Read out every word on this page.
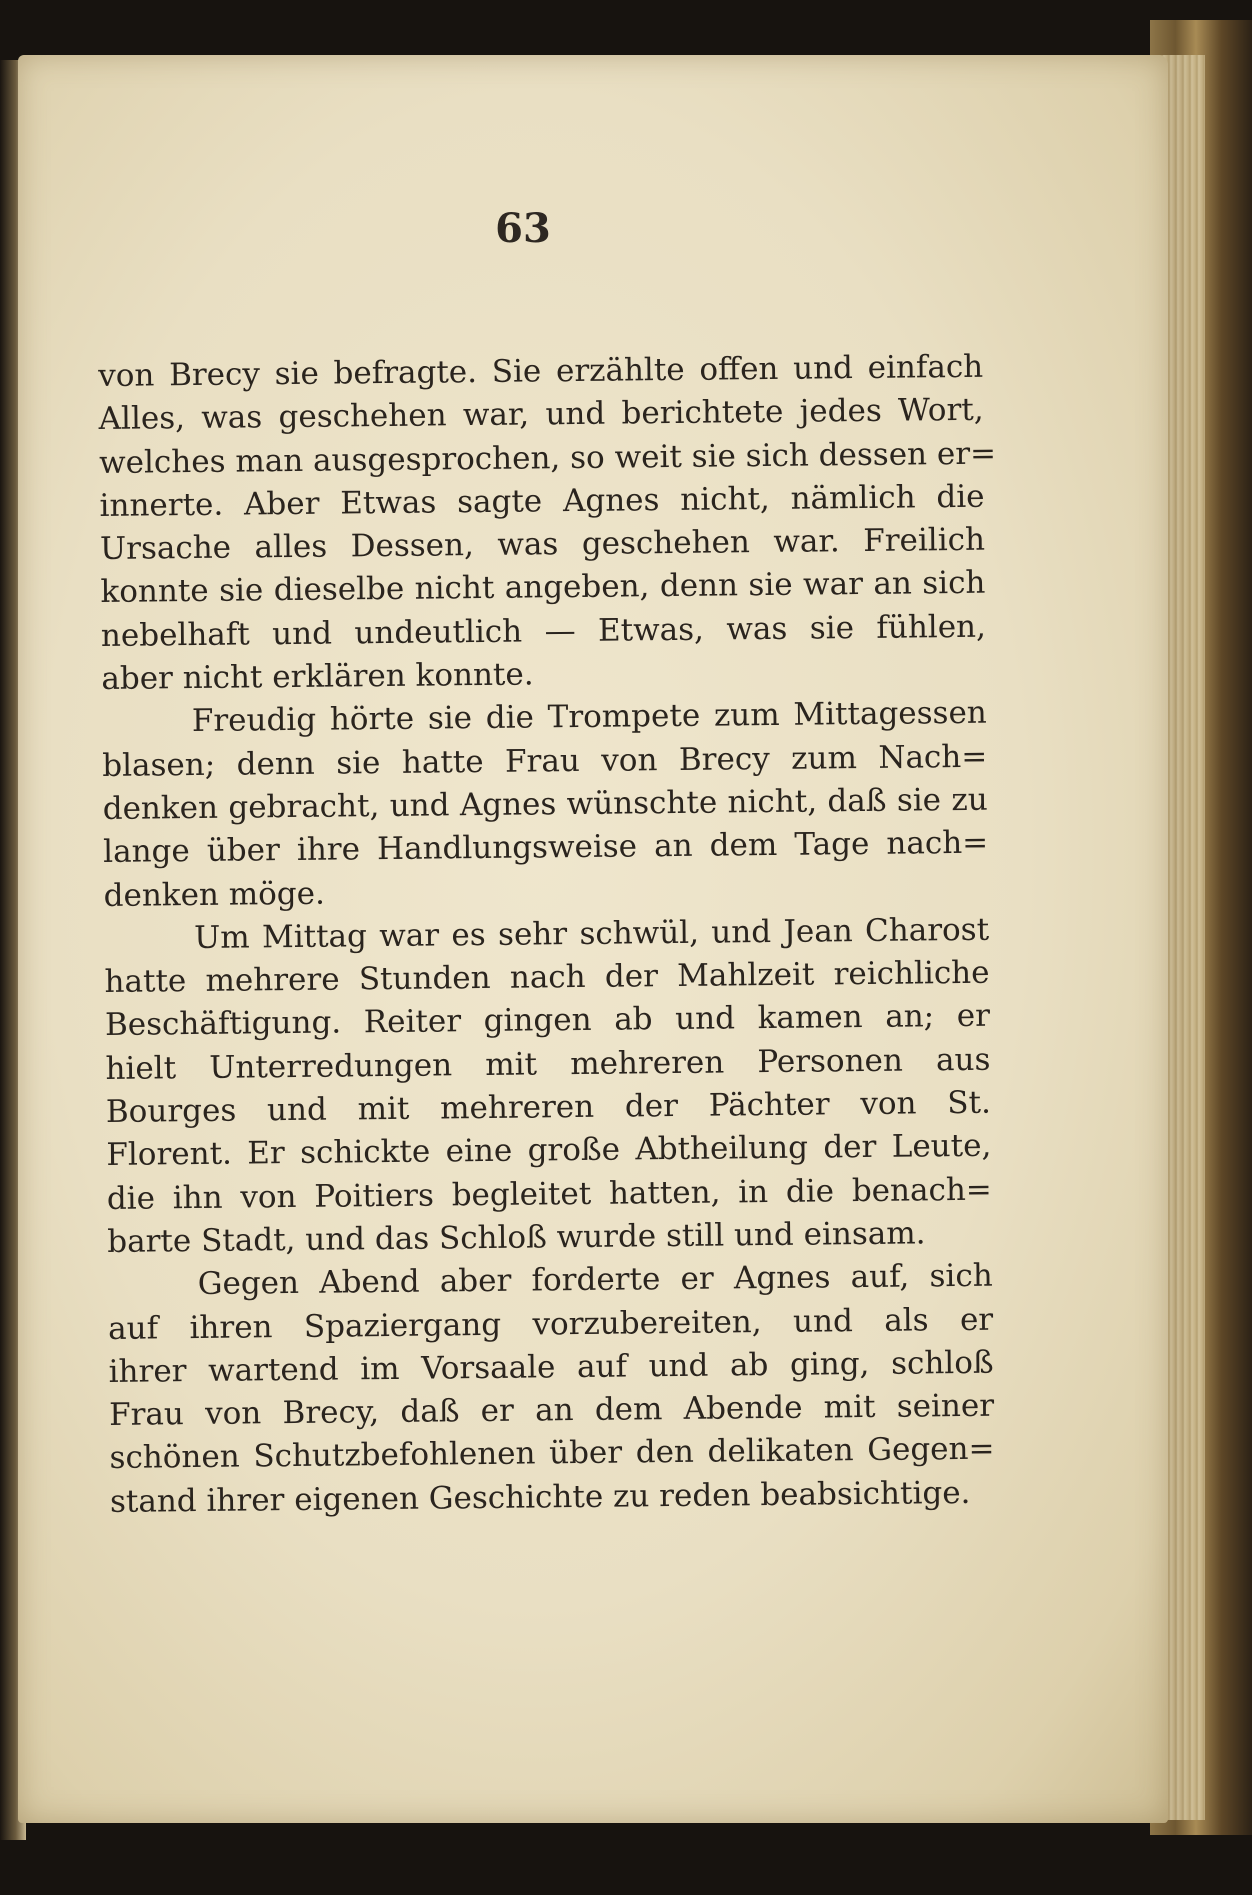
63
von Brecy sie befragte. Sie erzählte offen und einfach
Alles, was geschehen war, und berichtete jedes Wort,
welches man ausgesprochen, so weit sie sich dessen er=
innerte. Aber Etwas sagte Agnes nicht, nämlich die
Ursache alles Dessen, was geschehen war. Freilich
konnte sie dieselbe nicht angeben, denn sie war an sich
nebelhaft und undeutlich — Etwas, was sie fühlen,
aber nicht erklären konnte.
Freudig hörte sie die Trompete zum Mittagessen
blasen; denn sie hatte Frau von Brecy zum Nach=
denken gebracht, und Agnes wünschte nicht, daß sie zu
lange über ihre Handlungsweise an dem Tage nach=
denken möge.
Um Mittag war es sehr schwül, und Jean Charost
hatte mehrere Stunden nach der Mahlzeit reichliche
Beschäftigung. Reiter gingen ab und kamen an; er
hielt Unterredungen mit mehreren Personen aus
Bourges und mit mehreren der Pächter von St.
Florent. Er schickte eine große Abtheilung der Leute,
die ihn von Poitiers begleitet hatten, in die benach=
barte Stadt, und das Schloß wurde still und einsam.
Gegen Abend aber forderte er Agnes auf, sich
auf ihren Spaziergang vorzubereiten, und als er
ihrer wartend im Vorsaale auf und ab ging, schloß
Frau von Brecy, daß er an dem Abende mit seiner
schönen Schutzbefohlenen über den delikaten Gegen=
stand ihrer eigenen Geschichte zu reden beabsichtige.
